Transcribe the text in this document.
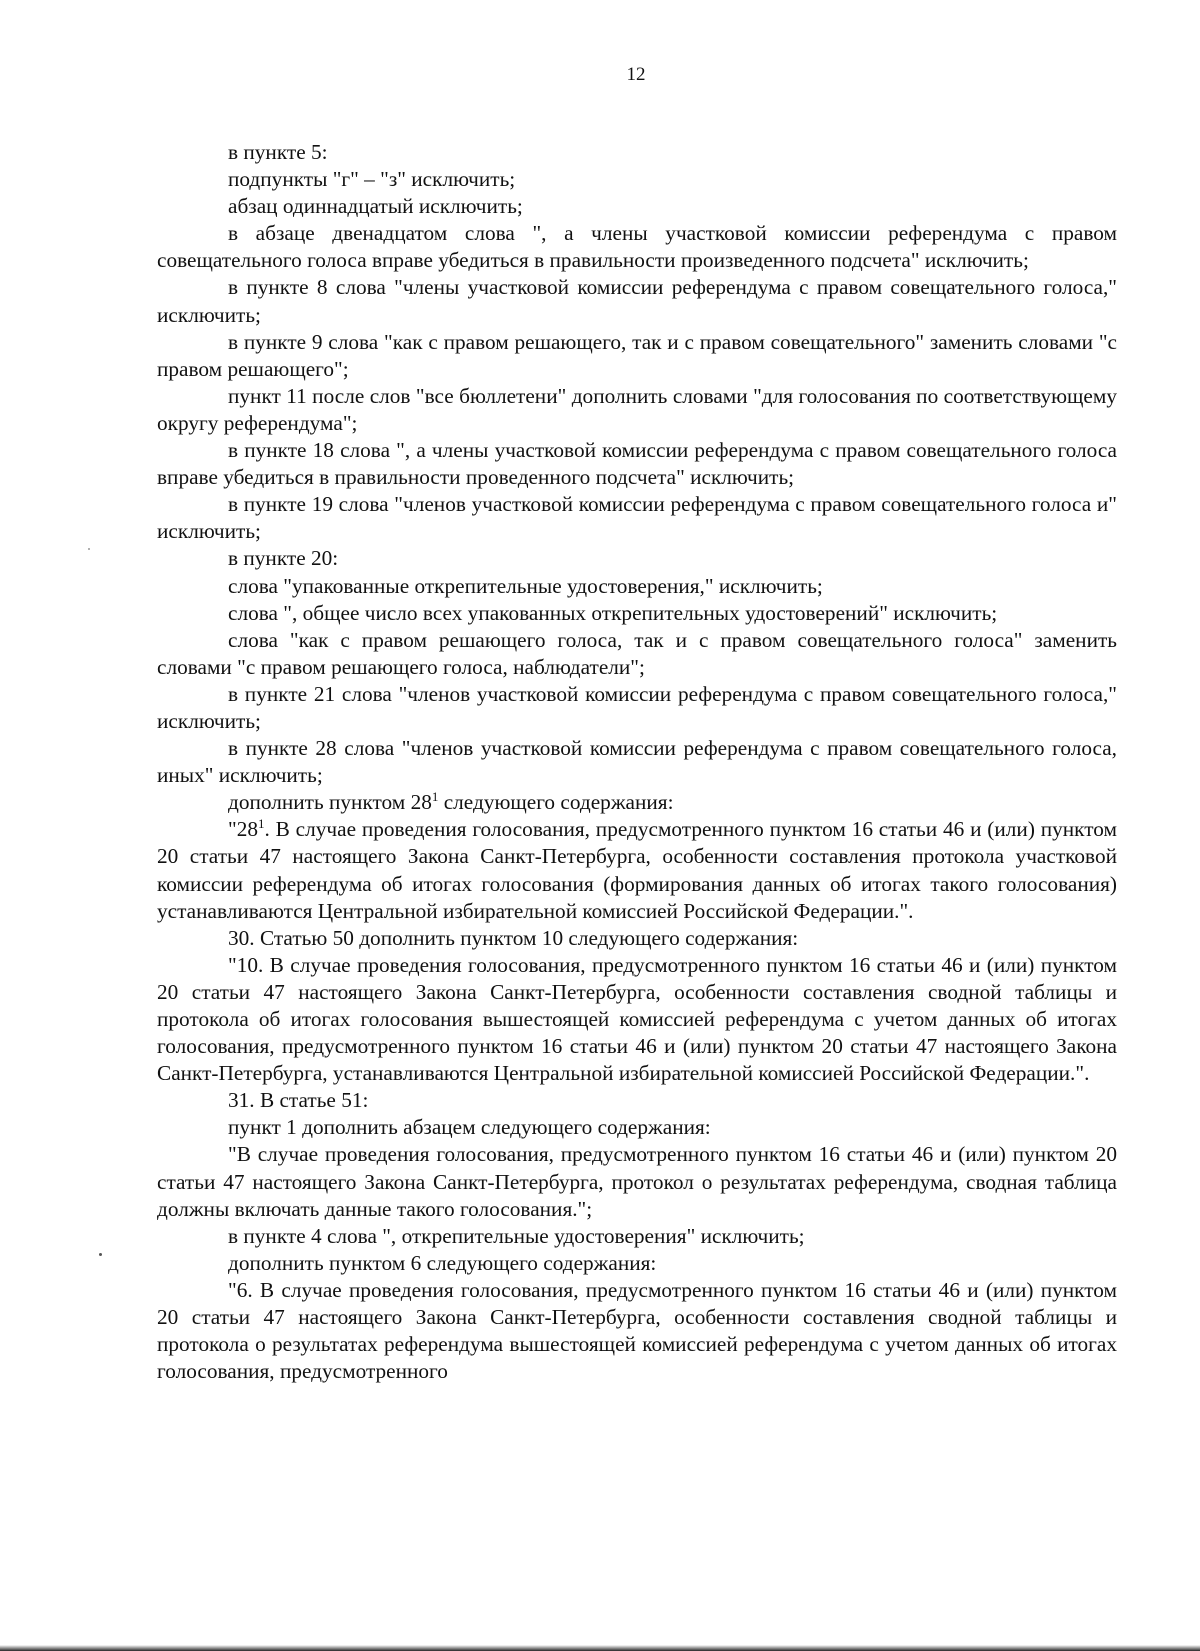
12

в пункте 5:

подпункты "г" – "з" исключить;

абзац одиннадцатый исключить;

в абзаце двенадцатом слова ", а члены участковой комиссии референдума с правом совещательного голоса вправе убедиться в правильности произведенного подсчета" исключить;

в пункте 8 слова "члены участковой комиссии референдума с правом совещательного голоса," исключить;

в пункте 9 слова "как с правом решающего, так и с правом совещательного" заменить словами "с правом решающего";

пункт 11 после слов "все бюллетени" дополнить словами "для голосования по соответствующему округу референдума";

в пункте 18 слова ", а члены участковой комиссии референдума с правом совещательного голоса вправе убедиться в правильности проведенного подсчета" исключить;

в пункте 19 слова "членов участковой комиссии референдума с правом совещательного голоса и" исключить;

в пункте 20:

слова "упакованные открепительные удостоверения," исключить;

слова ", общее число всех упакованных открепительных удостоверений" исключить;

слова "как с правом решающего голоса, так и с правом совещательного голоса" заменить словами "с правом решающего голоса, наблюдатели";

в пункте 21 слова "членов участковой комиссии референдума с правом совещательного голоса," исключить;

в пункте 28 слова "членов участковой комиссии референдума с правом совещательного голоса, иных" исключить;

дополнить пунктом $28^1$ следующего содержания:

"$28^1$. В случае проведения голосования, предусмотренного пунктом 16 статьи 46 и (или) пунктом 20 статьи 47 настоящего Закона Санкт-Петербурга, особенности составления протокола участковой комиссии референдума об итогах голосования (формирования данных об итогах такого голосования) устанавливаются Центральной избирательной комиссией Российской Федерации.".

30. Статью 50 дополнить пунктом 10 следующего содержания:

"10. В случае проведения голосования, предусмотренного пунктом 16 статьи 46 и (или) пунктом 20 статьи 47 настоящего Закона Санкт-Петербурга, особенности составления сводной таблицы и протокола об итогах голосования вышестоящей комиссией референдума с учетом данных об итогах голосования, предусмотренного пунктом 16 статьи 46 и (или) пунктом 20 статьи 47 настоящего Закона Санкт-Петербурга, устанавливаются Центральной избирательной комиссией Российской Федерации.".

31. В статье 51:

пункт 1 дополнить абзацем следующего содержания:

"В случае проведения голосования, предусмотренного пунктом 16 статьи 46 и (или) пунктом 20 статьи 47 настоящего Закона Санкт-Петербурга, протокол о результатах референдума, сводная таблица должны включать данные такого голосования.";

в пункте 4 слова ", открепительные удостоверения" исключить;

дополнить пунктом 6 следующего содержания:

"6. В случае проведения голосования, предусмотренного пунктом 16 статьи 46 и (или) пунктом 20 статьи 47 настоящего Закона Санкт-Петербурга, особенности составления сводной таблицы и протокола о результатах референдума вышестоящей комиссией референдума с учетом данных об итогах голосования, предусмотренного
